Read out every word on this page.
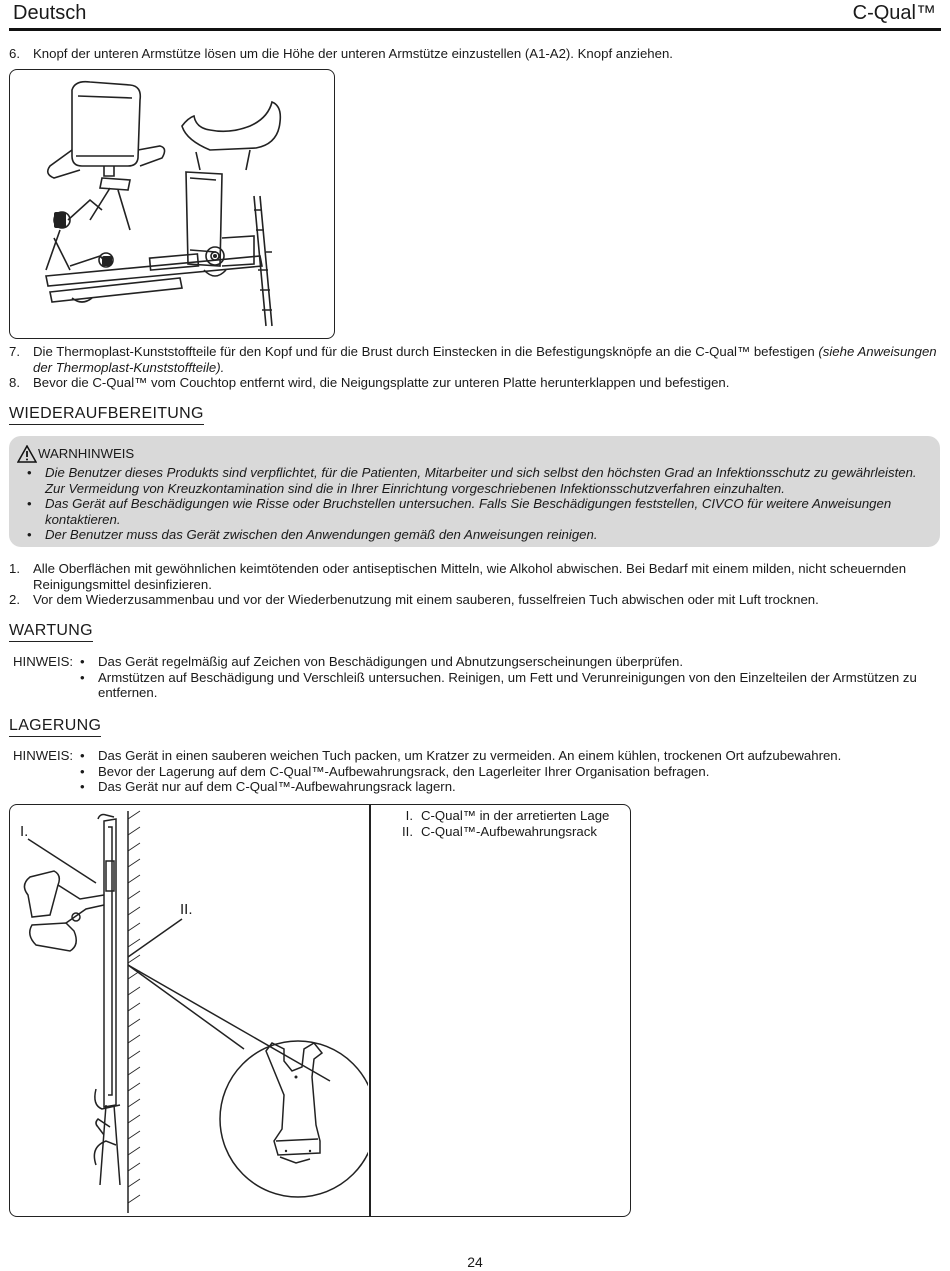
Deutsch	C-Qual™
6. Knopf der unteren Armstütze lösen um die Höhe der unteren Armstütze einzustellen (A1-A2). Knopf anziehen.
7. Die Thermoplast-Kunststoffteile für den Kopf und für die Brust durch Einstecken in die Befestigungsknöpfe an die C-Qual™ befestigen (siehe Anweisungen der Thermoplast-Kunststoffteile).
8. Bevor die C-Qual™ vom Couchtop entfernt wird, die Neigungsplatte zur unteren Platte herunterklappen und befestigen.
WIEDERAUFBEREITUNG
WARNHINWEIS
• Die Benutzer dieses Produkts sind verpflichtet, für die Patienten, Mitarbeiter und sich selbst den höchsten Grad an Infektionsschutz zu gewährleisten. Zur Vermeidung von Kreuzkontamination sind die in Ihrer Einrichtung vorgeschriebenen Infektionsschutzverfahren einzuhalten.
• Das Gerät auf Beschädigungen wie Risse oder Bruchstellen untersuchen. Falls Sie Beschädigungen feststellen, CIVCO für weitere Anweisungen kontaktieren.
• Der Benutzer muss das Gerät zwischen den Anwendungen gemäß den Anweisungen reinigen.
1. Alle Oberflächen mit gewöhnlichen keimtötenden oder antiseptischen Mitteln, wie Alkohol abwischen. Bei Bedarf mit einem milden, nicht scheuernden Reinigungsmittel desinfizieren.
2. Vor dem Wiederzusammenbau und vor der Wiederbenutzung mit einem sauberen, fusselfreien Tuch abwischen oder mit Luft trocknen.
WARTUNG
HINWEIS:	• Das Gerät regelmäßig auf Zeichen von Beschädigungen und Abnutzungserscheinungen überprüfen.
• Armstützen auf Beschädigung und Verschleiß untersuchen. Reinigen, um Fett und Verunreinigungen von den Einzelteilen der Armstützen zu entfernen.
LAGERUNG
HINWEIS:	• Das Gerät in einen sauberen weichen Tuch packen, um Kratzer zu vermeiden. An einem kühlen, trockenen Ort aufzubewahren.
• Bevor der Lagerung auf dem C-Qual™-Aufbewahrungsrack, den Lagerleiter Ihrer Organisation befragen.
• Das Gerät nur auf dem C-Qual™-Aufbewahrungsrack lagern.
I.
II.
I. C-Qual™ in der arretierten Lage
II. C-Qual™-Aufbewahrungsrack
24
